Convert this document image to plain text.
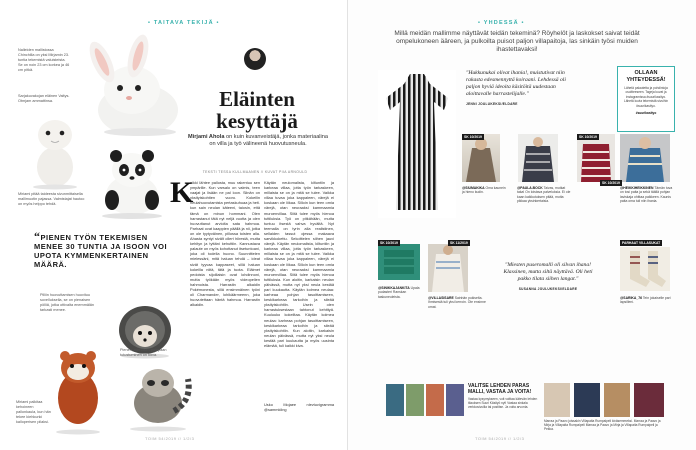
• TAITAVA TEKIJÄ •
Nalleiden mallistossa Chinchilla on yksi Mirjamin 23. tuntia tekemistä valuisteista. Se on noin 23 cm korkea ja 46 cm pitkä.
Sarjakuvakojan eläinen Valtys. Otmjam ammattinsa.
Miriami pitää taideesta sivunmittaisella mallimuotin pajassa. Valmistajat hautoo on myös helppo tehdä.
Eläinten kesyttäjä
Mirjami Ahola on kuin kuvanveistäjä, jonka materiaalina on villa ja työ välineenä huovutusneula.
TEKSTI TESSA KULLMAANEN // KUVAT PIIA ARNOULD
K
aikki lähtee pallosta, muu rakentuu sen ympärille. Kun varsalo on valmis, teen vaajat ja lisään ne pal loon. Siinän on yksityiskohtien vuoro. Kokeilin neulahuovutamista pertaskuhuaa ja heti. kun sain neulan käteeni, taiosin, että tämä on minun hommani. Olen harrastanut tätä nyt neljä vuotta ja olen huovuttanut arviolta satа hahmoa. Parhaat ovat kaappien päällä ja nii, jotka on ole tyytyväinen, pillossa toisten alla. Ahasta syntyi sivält ollert hiirestä, mutta kehityn ja tyttäni kehuttiin. Kannustava palaute on myös kohottanut itsetuntoani, joka oli todella huono. Suunnittelen mielessäni, mitä haluan tehdä – ideat sivät tyyvaa kappaseet, sillä haluan kokeilla niitä, tätä ja tuota. Eläimet pedoista sijoillaisin ovat lohdinnoni, mutta työkään myös videopelien hahmoista. Harrastin alkaidin Pokémonesta, sillä ensimmäinen työni oli Charmander, lohikäärmeenn, joka huovutettaan häntä hahmoa. Harrastin alkaidin.
Käytän neulomalista, kiltuntiin ja karkeaa villaa, jotta työn tarkaskeen, millaista se on ja mitä se tulee. Vaikka villaa tuvaa joka kappaleen, värejä ei koskaan ole liikaa. Silloin kun teen omia värejä, otan neuraaksi kammaamia muroenvillaa. Siitä tulee myös hienoa tuttiluksia. Työ on pitkähään, mutta tuntuu itsestä vahva hyvältä. Nyt teemalla on tyrin alla realistinen, sellaiden tassut ojessa makaava sarvikkokettu. Sekoittelen siihen jauvi värejä. Käytän neulomalista, kiltuntiin ja karkeaa villaa, jotta työn tarkaskeen, millaista se on ja mitä se tulee. Vaikka villaa tuvaa joka kappaleen, värejä ei koskaan ole liikaa. Silloin kun teen omia värejä, otan neuraaksi kammaamia muroenvillaa. Siitä tulee myös hienoa tuttiluksia. Kun aloitin, karkaisin neulan päivässä, mutta nyt yksi neula kestää pari kuukautta. Käytän kolmea neulaa: karheaa pohjan tasoittamiseen, keskikarkeaa tarkoihin ja sileää yksityiskohtiin. Usein olen harrastuksestaan tahtonut kehittyä. Kuuluuko kokeiltaa. Käytän kolmea neulaa: karheaa pohjan tasoittamiseen, keskikarkeaa tarkoihin ja sileää yksityiskohtiin. Kun aloitin, karkaisin neulan päivässä, mutta nyt yksi neula kestää pari kuukautta ja myös uusinta elämää, tuli kaikki kiva.
Usko Mojaee nlevtuvigramma @sammkling
“PIENEN TYÖN TEKEMISEN MENEE 30 TUNTIA JA ISOON VOI UPOTA KYMMENKERTAINEN MÄÄRÄ.
Pilliin huovuttamisen huovituu sovelluksella, se on pienaisen pölliä, jotka ottivalta enemmälän tarkasti menee.
Miriami palkitaa kehoineen pallonkaula, kun hän tekee kiehkunki kalloperisen pilaksi.
Pienen, pörröisen pajupaan tutustuminen on kova.
TOIM 54/2019 // 1/2/3
• YHDESSÄ •
Millä meidän mallimme näyttävät teidän tekeminä? Röyhelöt ja laskokset saivat teidät ompelukoneen ääreen, ja pulkoilta puisot paljon villapaitoja, las sinkäin työsi muiden ihastettavaksi!
"Hukkunukai olivat ihania!, muistutivat niin rakasta edesmennyttä koiraani. Lehdessä oli paljon hyviä ideoita käsitöitä uudestaan aloittavalle harrastelijalle."
JENNI JOULUKEKSI/ELDARE
OLLAAN YHTEYDESSÄ!
Lähetä palautetta ja pohdintoja osoitteeseen. Tageja kuvat ja instagramissa #suurikasityo. Lähetä kuvia tekemistä sivuihin #suurikasityo.
#suurikasityo
SK 10/2019	SK 10/2019
@SIUMAKIKA Oma kaunein ja hieno kudin.
@PAULA.BOCK Taivas, mutkat taka! On loistava palveluksia. Ei ole kaan kaikkutuksen pitää, mutta pikkaa yksinkertaisia.
@HEIKKIHEIKKINEN Tämän tuva on tosi paita ja sekä täällä pohjan laviskaja ohittaa paikkeen. Kaunis paita oma tuli niin ihania.
SK 10/2019
SK 10/2019	SK 11/2019
@SINIKKAJANKITA Upala pudasteri Ranskan taskuneuleista.	@VILLASISARE Sainhän pukiselta. Ihmisestä tuli yksi kerroin. Ole ensinne omat.
"Miesten puseromalli oli silvan ihana! Klassinen, mutta siltä näyttävä. Oli heti pakko tilata siihen langat."
SUSANNA JOULUKEKSI/ELDARE
PARHAAT VILLASUKAT
@SARIKA_76 Tein jokaiselle pari lapsilleni.
VALITSE LEHDEN PARAS MALLI, VASTAA JA VOITA!
Vastaa kysymykseen, voit voittaa kätevän lehden tilauksen Suuri Käsityö nyt! Vastaa sinkala verkkosivuilla tai postitse. Ja voita arvonta.
Marraa ja Paavo joissakin Villapaita Rumpaipeli kiväsemmeksi. Marraa ja Paavo ja Mirja ja Villapaita Rumpaipeli Marraa ja Paavo ja Mirja ja Villapaita Rumpaipeli ja Pekka.
TOIM 54/2019 // 1/2/3
